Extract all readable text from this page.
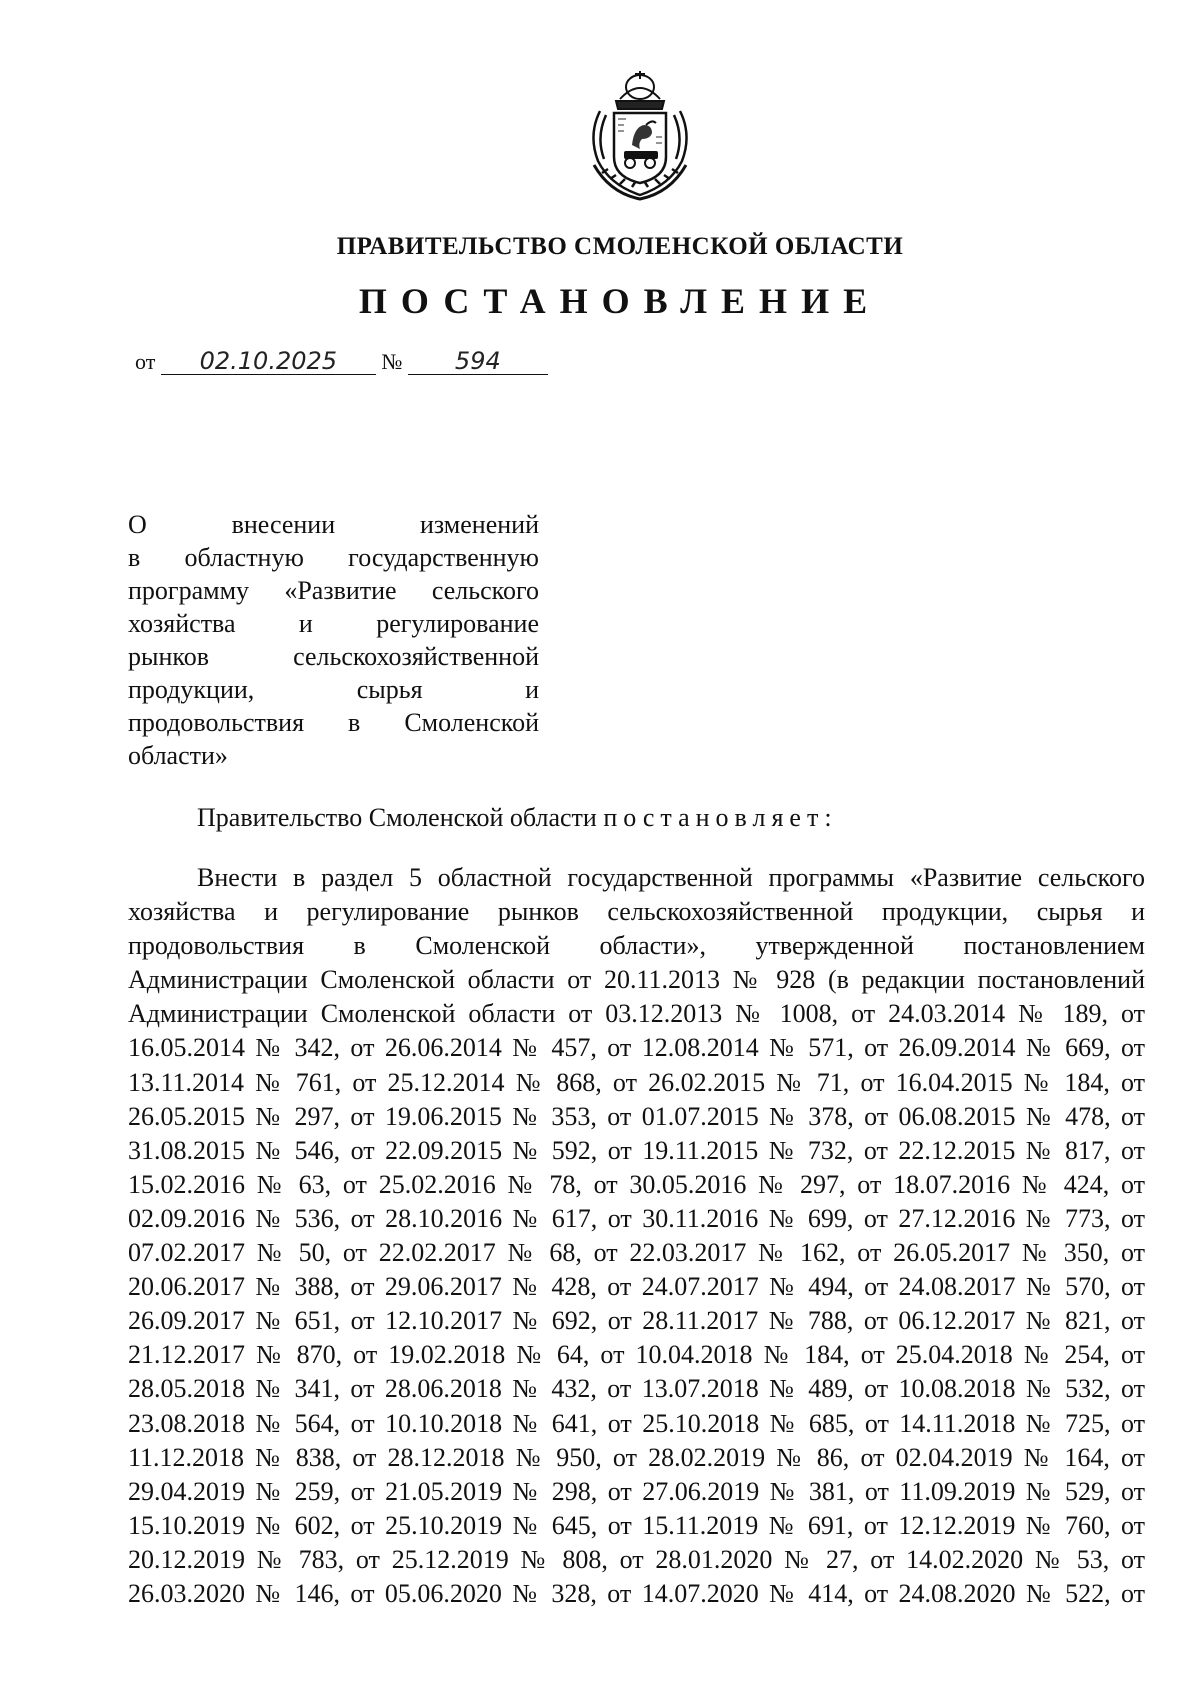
ПРАВИТЕЛЬСТВО СМОЛЕНСКОЙ ОБЛАСТИ
ПОСТАНОВЛЕНИЕ
от 02.10.2025 № 594
О внесении изменений
в областную государственную
программу «Развитие сельского
хозяйства и регулирование
рынков сельскохозяйственной
продукции, сырья и
продовольствия в Смоленской
области»
Правительство Смоленской области постановляет:
Внести в раздел 5 областной государственной программы «Развитие сельского
хозяйства и регулирование рынков сельскохозяйственной продукции, сырья и
продовольствия в Смоленской области», утвержденной постановлением
Администрации Смоленской области от 20.11.2013 № 928 (в редакции постановлений
Администрации Смоленской области от 03.12.2013 № 1008, от 24.03.2014 № 189, от
16.05.2014 № 342, от 26.06.2014 № 457, от 12.08.2014 № 571, от 26.09.2014 № 669, от
13.11.2014 № 761, от 25.12.2014 № 868, от 26.02.2015 № 71, от 16.04.2015 № 184, от
26.05.2015 № 297, от 19.06.2015 № 353, от 01.07.2015 № 378, от 06.08.2015 № 478, от
31.08.2015 № 546, от 22.09.2015 № 592, от 19.11.2015 № 732, от 22.12.2015 № 817, от
15.02.2016 № 63, от 25.02.2016 № 78, от 30.05.2016 № 297, от 18.07.2016 № 424, от
02.09.2016 № 536, от 28.10.2016 № 617, от 30.11.2016 № 699, от 27.12.2016 № 773, от
07.02.2017 № 50, от 22.02.2017 № 68, от 22.03.2017 № 162, от 26.05.2017 № 350, от
20.06.2017 № 388, от 29.06.2017 № 428, от 24.07.2017 № 494, от 24.08.2017 № 570, от
26.09.2017 № 651, от 12.10.2017 № 692, от 28.11.2017 № 788, от 06.12.2017 № 821, от
21.12.2017 № 870, от 19.02.2018 № 64, от 10.04.2018 № 184, от 25.04.2018 № 254, от
28.05.2018 № 341, от 28.06.2018 № 432, от 13.07.2018 № 489, от 10.08.2018 № 532, от
23.08.2018 № 564, от 10.10.2018 № 641, от 25.10.2018 № 685, от 14.11.2018 № 725, от
11.12.2018 № 838, от 28.12.2018 № 950, от 28.02.2019 № 86, от 02.04.2019 № 164, от
29.04.2019 № 259, от 21.05.2019 № 298, от 27.06.2019 № 381, от 11.09.2019 № 529, от
15.10.2019 № 602, от 25.10.2019 № 645, от 15.11.2019 № 691, от 12.12.2019 № 760, от
20.12.2019 № 783, от 25.12.2019 № 808, от 28.01.2020 № 27, от 14.02.2020 № 53, от
26.03.2020 № 146, от 05.06.2020 № 328, от 14.07.2020 № 414, от 24.08.2020 № 522, от
